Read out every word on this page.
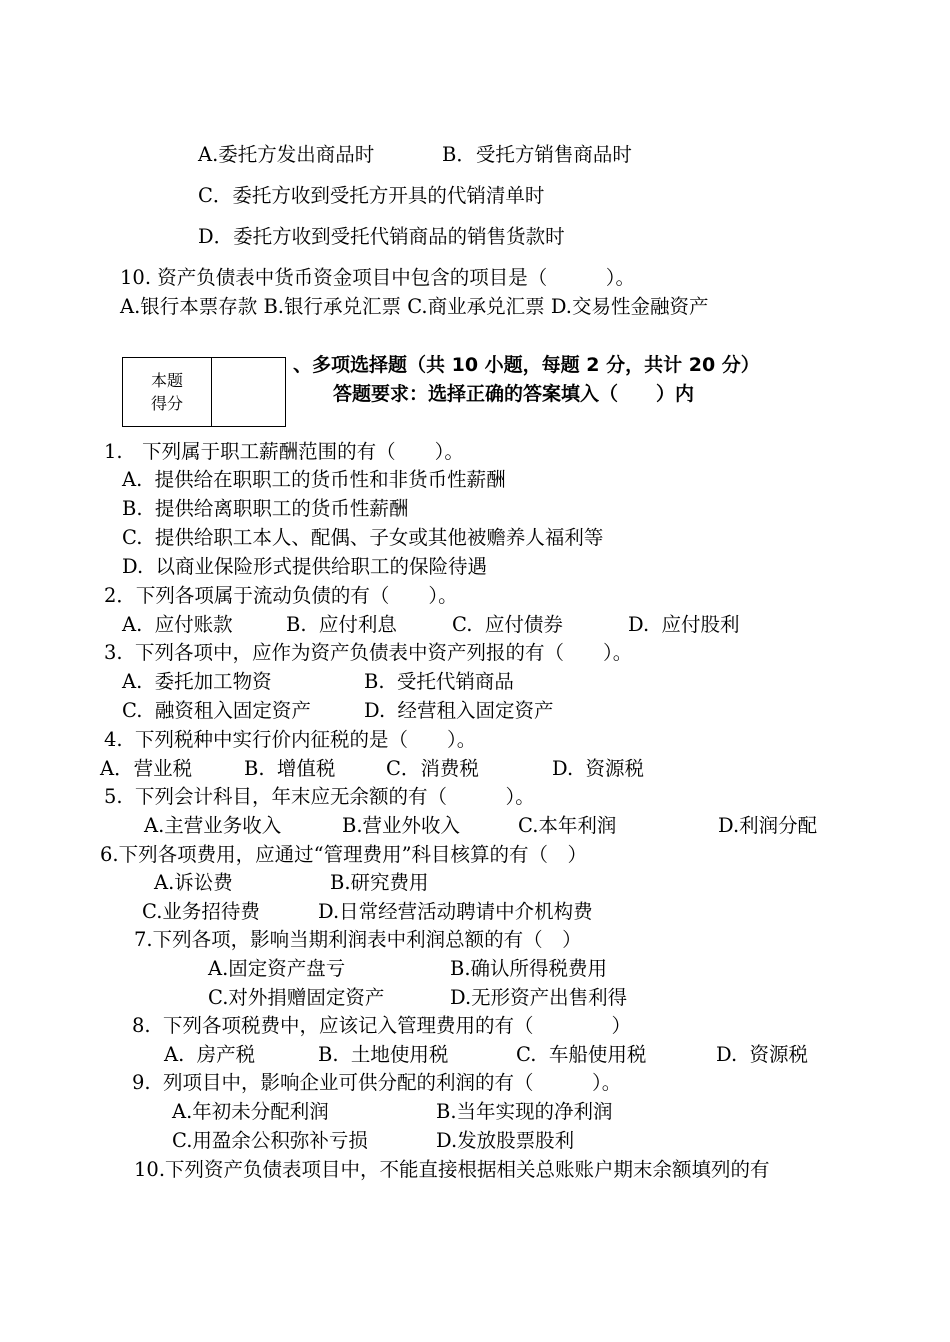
A.委托方发出商品时

	B．受托方销售商品时

C．委托方收到受托方开具的代销清单时
D．委托方收到受托代销商品的销售货款时
10. 资产负债表中货币资金项目中包含的项目是（　　　）。
A.银行本票存款 B.银行承兑汇票 C.商业承兑汇票 D.交易性金融资产
本题
得分
、多项选择题（共 10 小题，每题 2 分，共计 20 分）
答题要求：选择正确的答案填入（　　）内
1.　下列属于职工薪酬范围的有（　　）。
A.  提供给在职职工的货币性和非货币性薪酬
B.  提供给离职职工的货币性薪酬
C.  提供给职工本人、配偶、子女或其他被赡养人福利等
D.  以商业保险形式提供给职工的保险待遇
2．下列各项属于流动负债的有（　　）。

A.  应付账款

	B.  应付利息

	C.  应付债券

	D.  应付股利

3.  下列各项中，应作为资产负债表中资产列报的有（　　）。

A.  委托加工物资

	B.  受托代销商品

C.  融资租入固定资产

	D.  经营租入固定资产

4.  下列税种中实行价内征税的是（　　）。

A．营业税

	B.  增值税

	C．消费税

	D.  资源税

5.  下列会计科目，年末应无余额的有（　　　）。

A.主营业务收入

	B.营业外收入

	C.本年利润

	D.利润分配

6.下列各项费用，应通过“管理费用”科目核算的有（　）

A.诉讼费

	B.研究费用

C.业务招待费

	D.日常经营活动聘请中介机构费

7.下列各项，影响当期利润表中利润总额的有（　）

A.固定资产盘亏

	B.确认所得税费用

C.对外捐赠固定资产

	D.无形资产出售利得

8.  下列各项税费中，应该记入管理费用的有（　　　　）

A.  房产税

	B.  土地使用税

	C.  车船使用税

	D.  资源税

9.  列项目中，影响企业可供分配的利润的有（　　　）。

A.年初未分配利润

	B.当年实现的净利润

C.用盈余公积弥补亏损

	D.发放股票股利

10.下列资产负债表项目中，不能直接根据相关总账账户期末余额填列的有
